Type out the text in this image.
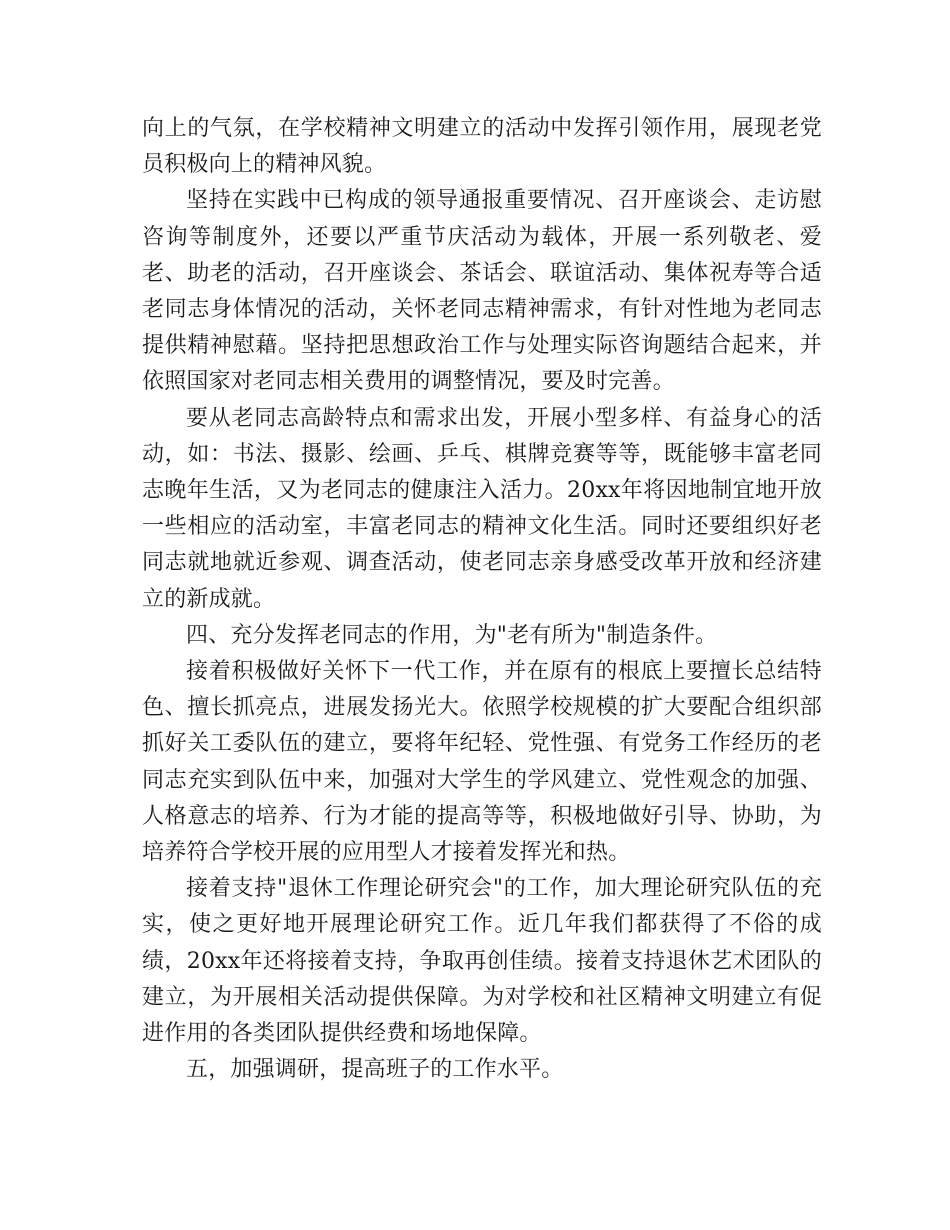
向上的气氛，在学校精神文明建立的活动中发挥引领作用，展现老党员积极向上的精神风貌。

坚持在实践中已构成的领导通报重要情况、召开座谈会、走访慰咨询等制度外，还要以严重节庆活动为载体，开展一系列敬老、爱老、助老的活动，召开座谈会、茶话会、联谊活动、集体祝寿等合适老同志身体情况的活动，关怀老同志精神需求，有针对性地为老同志提供精神慰藉。坚持把思想政治工作与处理实际咨询题结合起来，并依照国家对老同志相关费用的调整情况，要及时完善。

要从老同志高龄特点和需求出发，开展小型多样、有益身心的活动，如：书法、摄影、绘画、乒乓、棋牌竞赛等等，既能够丰富老同志晚年生活，又为老同志的健康注入活力。20xx年将因地制宜地开放一些相应的活动室，丰富老同志的精神文化生活。同时还要组织好老同志就地就近参观、调查活动，使老同志亲身感受改革开放和经济建立的新成就。

四、充分发挥老同志的作用，为"老有所为"制造条件。

接着积极做好关怀下一代工作，并在原有的根底上要擅长总结特色、擅长抓亮点，进展发扬光大。依照学校规模的扩大要配合组织部抓好关工委队伍的建立，要将年纪轻、党性强、有党务工作经历的老同志充实到队伍中来，加强对大学生的学风建立、党性观念的加强、人格意志的培养、行为才能的提高等等，积极地做好引导、协助，为培养符合学校开展的应用型人才接着发挥光和热。

接着支持"退休工作理论研究会"的工作，加大理论研究队伍的充实，使之更好地开展理论研究工作。近几年我们都获得了不俗的成绩，20xx年还将接着支持，争取再创佳绩。接着支持退休艺术团队的建立，为开展相关活动提供保障。为对学校和社区精神文明建立有促进作用的各类团队提供经费和场地保障。

五，加强调研，提高班子的工作水平。
